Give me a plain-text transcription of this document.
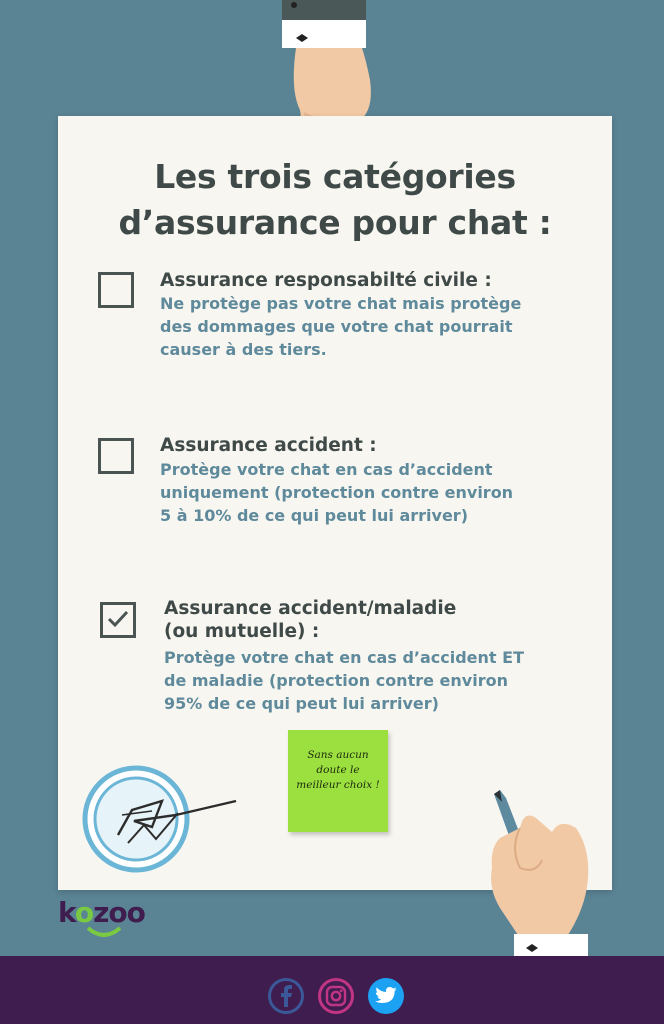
Les trois catégories
d’assurance pour chat :
Assurance responsabilté civile :
Ne protège pas votre chat mais protège
des dommages que votre chat pourrait
causer à des tiers.
Assurance accident :
Protège votre chat en cas d’accident
uniquement (protection contre environ
5 à 10% de ce qui peut lui arriver)
Assurance accident/maladie
(ou mutuelle) :
Protège votre chat en cas d’accident ET
de maladie (protection contre environ
95% de ce qui peut lui arriver)
Sans aucun
doute le
meilleur choix !
kozoo
